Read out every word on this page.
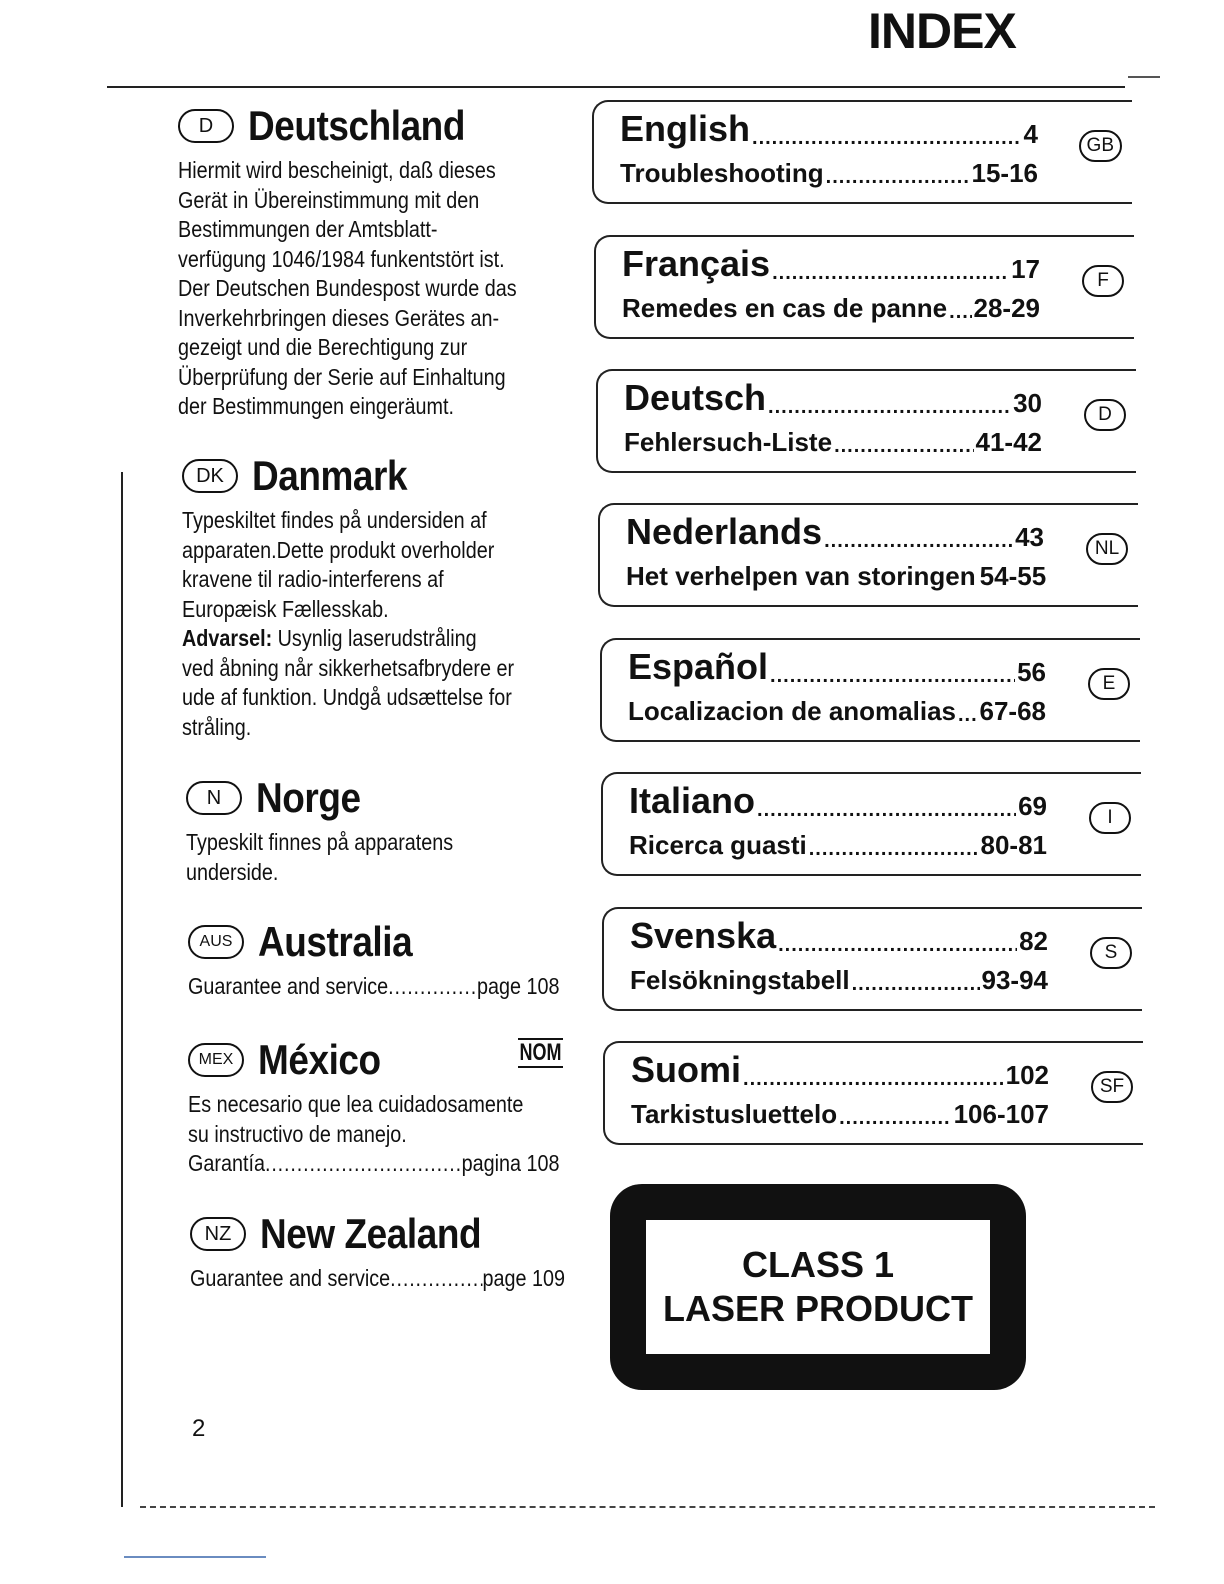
INDEX
D Deutschland
Hiermit wird bescheinigt, daß dieses
Gerät in Übereinstimmung mit den
Bestimmungen der Amtsblatt-
verfügung 1046/1984 funkentstört ist.
Der Deutschen Bundespost wurde das
Inverkehrbringen dieses Gerätes an-
gezeigt und die Berechtigung zur
Überprüfung der Serie auf Einhaltung
der Bestimmungen eingeräumt.
DK Danmark
Typeskiltet findes på undersiden af
apparaten.Dette produkt overholder
kravene til radio-interferens af
Europæisk Fællesskab.
Advarsel: Usynlig laserudstråling
ved åbning når sikkerhetsafbrydere er
ude af funktion. Undgå udsættelse for
stråling.
N Norge
Typeskilt finnes på apparatens
underside.
AUS Australia
Guarantee and service .....	page 108
MEX México
Es necesario que lea cuidadosamente
su instructivo de manejo.
Garantía .....	pagina 108
NOM
NZ New Zealand
Guarantee and service .....	page 109
English .....	4
Troubleshooting .....	15-16
GB
Français .....	17
Remedes en cas de panne ..... 28-29
F
Deutsch .....	30
Fehlersuch-Liste .....	41-42
D
Nederlands .....	43
Het verhelpen van storingen 54-55
NL
Español .....	56
Localizacion de anomalias ..... 67-68
E
Italiano .....	69
Ricerca guasti .....	80-81
I
Svenska .....	82
Felsökningstabell .....	93-94
S
Suomi .....	102
Tarkistusluettelo .....	106-107
SF
CLASS 1
LASER PRODUCT
2
